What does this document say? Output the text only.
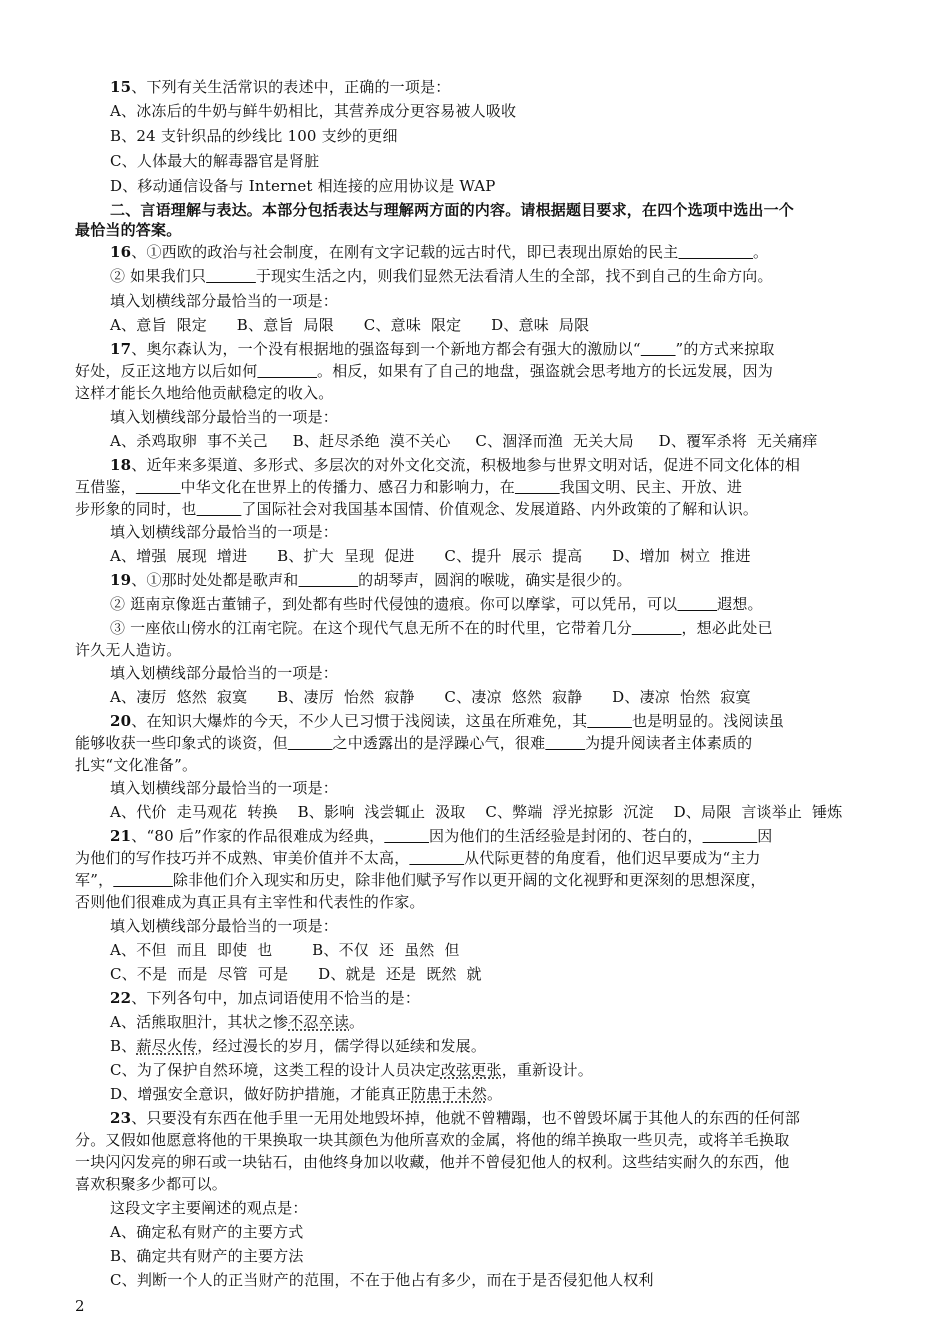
15、下列有关生活常识的表述中，正确的一项是：
A、冰冻后的牛奶与鲜牛奶相比，其营养成分更容易被人吸收
B、24 支针织品的纱线比 100 支纱的更细
C、人体最大的解毒器官是肾脏
D、移动通信设备与 Internet 相连接的应用协议是 WAP
二、言语理解与表达。本部分包括表达与理解两方面的内容。请根据题目要求，在四个选项中选出一个
最恰当的答案。
16、①西欧的政治与社会制度，在刚有文字记载的远古时代，即已表现出原始的民主	。
② 如果我们只	于现实生活之内，则我们显然无法看清人生的全部，找不到自己的生命方向。
填入划横线部分最恰当的一项是：
A、意旨  限定      B、意旨  局限      C、意味  限定      D、意味  局限
17、奥尔森认为，一个没有根据地的强盗每到一个新地方都会有强大的激励以“ ”的方式来掠取
好处，反正这地方以后如何	。相反，如果有了自己的地盘，强盗就会思考地方的长远发展，因为
这样才能长久地给他贡献稳定的收入。
填入划横线部分最恰当的一项是：
A、杀鸡取卵  事不关己     B、赶尽杀绝  漠不关心     C、涸泽而渔  无关大局     D、覆军杀将  无关痛痒
18、近年来多渠道、多形式、多层次的对外文化交流，积极地参与世界文明对话，促进不同文化体的相
互借鉴，	中华文化在世界上的传播力、感召力和影响力，在	我国文明、民主、开放、进
步形象的同时，也	了国际社会对我国基本国情、价值观念、发展道路、内外政策的了解和认识。
填入划横线部分最恰当的一项是：
A、增强  展现  增进      B、扩大  呈现  促进      C、提升  展示  提高      D、增加  树立  推进
19、①那时处处都是歌声和	的胡琴声，圆润的喉咙，确实是很少的。
② 逛南京像逛古董铺子，到处都有些时代侵蚀的遗痕。你可以摩挲，可以凭吊，可以	遐想。
③ 一座依山傍水的江南宅院。在这个现代气息无所不在的时代里，它带着几分	，想必此处已
许久无人造访。
填入划横线部分最恰当的一项是：
A、凄厉  悠然  寂寞      B、凄厉  怡然  寂静      C、凄凉  悠然  寂静      D、凄凉  怡然  寂寞
20、在知识大爆炸的今天，不少人已习惯于浅阅读，这虽在所难免，其	也是明显的。浅阅读虽
能够收获一些印象式的谈资，但	之中透露出的是浮躁心气，很难	为提升阅读者主体素质的
扎实“文化准备”。
填入划横线部分最恰当的一项是：
A、代价  走马观花  转换    B、影响  浅尝辄止  汲取    C、弊端  浮光掠影  沉淀    D、局限  言谈举止  锤炼
21、“80 后”作家的作品很难成为经典，	因为他们的生活经验是封闭的、苍白的，	因
为他们的写作技巧并不成熟、审美价值并不太高，	从代际更替的角度看，他们迟早要成为“主力
军”，	除非他们介入现实和历史，除非他们赋予写作以更开阔的文化视野和更深刻的思想深度，
否则他们很难成为真正具有主宰性和代表性的作家。
填入划横线部分最恰当的一项是：
A、不但  而且  即使  也        B、不仅  还  虽然  但
C、不是  而是  尽管  可是      D、就是  还是  既然  就
22、下列各句中，加点词语使用不恰当的是：
A、活熊取胆汁，其状之惨不忍卒读。
B、薪尽火传，经过漫长的岁月，儒学得以延续和发展。
C、为了保护自然环境，这类工程的设计人员决定改弦更张，重新设计。
D、增强安全意识，做好防护措施，才能真正防患于未然。
23、只要没有东西在他手里一无用处地毁坏掉，他就不曾糟蹋，也不曾毁坏属于其他人的东西的任何部
分。又假如他愿意将他的干果换取一块其颜色为他所喜欢的金属，将他的绵羊换取一些贝壳，或将羊毛换取
一块闪闪发亮的卵石或一块钻石，由他终身加以收藏，他并不曾侵犯他人的权利。这些结实耐久的东西，他
喜欢积聚多少都可以。
这段文字主要阐述的观点是：
A、确定私有财产的主要方式
B、确定共有财产的主要方法
C、判断一个人的正当财产的范围，不在于他占有多少，而在于是否侵犯他人权利
2
